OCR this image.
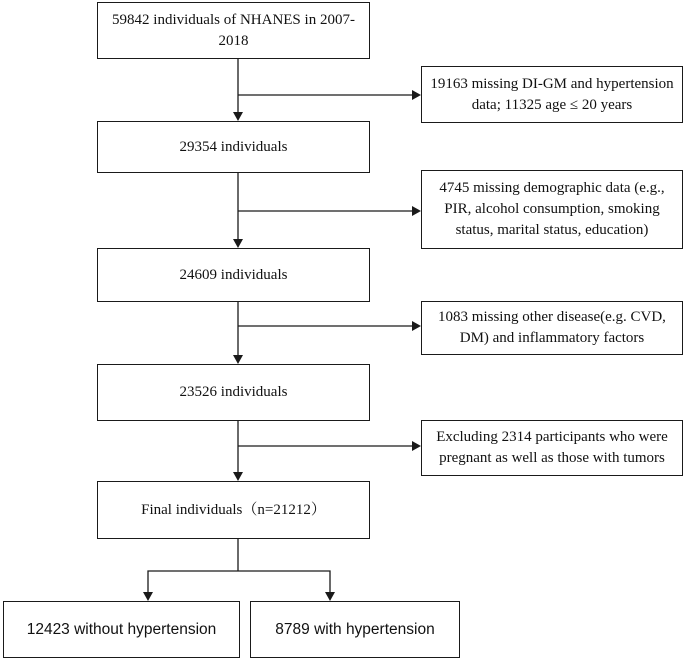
59842 individuals of NHANES in 2007-2018
19163 missing DI-GM and hypertension data; 11325 age ≤ 20 years
29354 individuals
4745 missing demographic data (e.g., PIR, alcohol consumption, smoking status, marital status, education)
24609 individuals
1083 missing other disease(e.g. CVD, DM) and inflammatory factors
23526 individuals
Excluding 2314 participants who were pregnant as well as those with tumors
Final individuals（n=21212）
12423 without hypertension	8789 with hypertension
